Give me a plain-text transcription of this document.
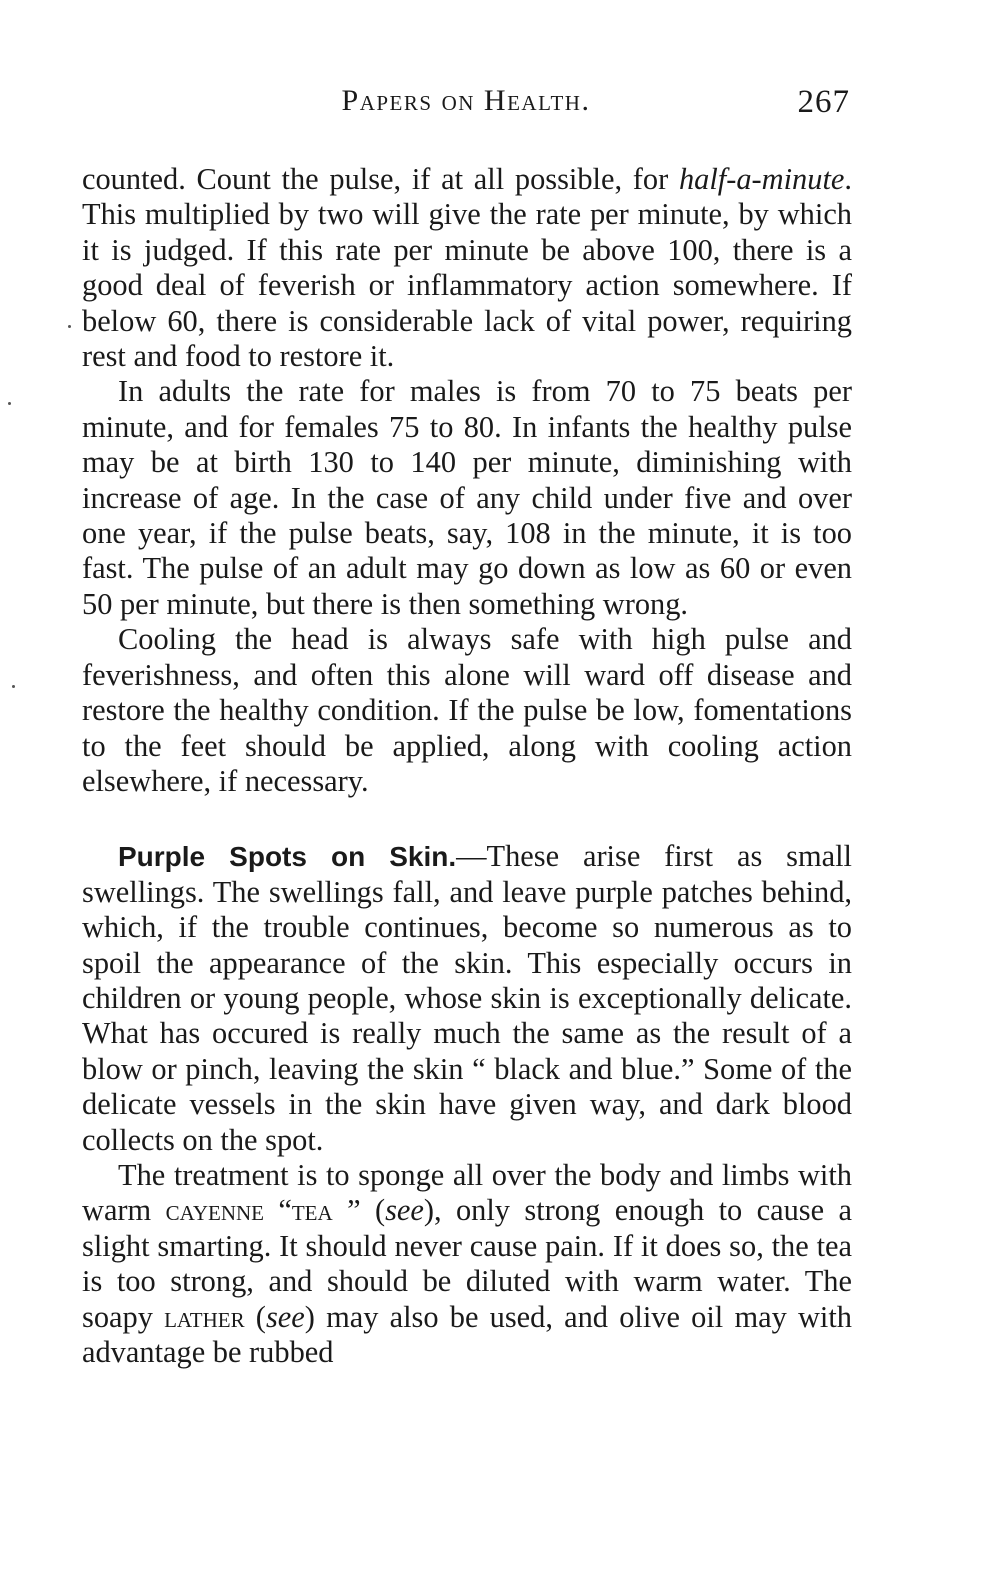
Papers on Health.	267

counted. Count the pulse, if at all possible, for half-a-minute. This multiplied by two will give the rate per minute, by which it is judged. If this rate per minute be above 100, there is a good deal of feverish or inflammatory action somewhere. If below 60, there is considerable lack of vital power, requiring rest and food to restore it.

In adults the rate for males is from 70 to 75 beats per minute, and for females 75 to 80. In infants the healthy pulse may be at birth 130 to 140 per minute, diminishing with increase of age. In the case of any child under five and over one year, if the pulse beats, say, 108 in the minute, it is too fast. The pulse of an adult may go down as low as 60 or even 50 per minute, but there is then something wrong.

Cooling the head is always safe with high pulse and feverishness, and often this alone will ward off disease and restore the healthy condition. If the pulse be low, fomentations to the feet should be applied, along with cooling action elsewhere, if necessary.

Purple Spots on Skin.—These arise first as small swellings. The swellings fall, and leave purple patches behind, which, if the trouble continues, become so numerous as to spoil the appearance of the skin. This especially occurs in children or young people, whose skin is exceptionally delicate. What has occured is really much the same as the result of a blow or pinch, leaving the skin “ black and blue.” Some of the delicate vessels in the skin have given way, and dark blood collects on the spot.

The treatment is to sponge all over the body and limbs with warm cayenne “tea ” (see), only strong enough to cause a slight smarting. It should never cause pain. If it does so, the tea is too strong, and should be diluted with warm water. The soapy lather (see) may also be used, and olive oil may with advantage be rubbed
